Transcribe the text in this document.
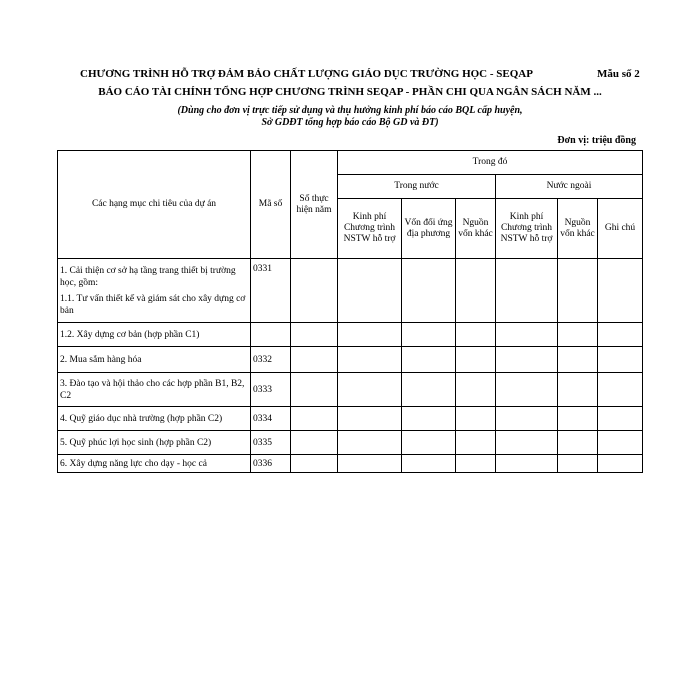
CHƯƠNG TRÌNH HỖ TRỢ ĐẢM BẢO CHẤT LƯỢNG GIÁO DỤC TRƯỜNG HỌC - SEQAP	Mẫu số 2
BÁO CÁO TÀI CHÍNH TỔNG HỢP CHƯƠNG TRÌNH SEQAP - PHẦN CHI QUA NGÂN SÁCH NĂM ...
(Dùng cho đơn vị trực tiếp sử dụng và thụ hưởng kinh phí báo cáo BQL cấp huyện,
Sở GDĐT tổng hợp báo cáo Bộ GD và ĐT)
Đơn vị: triệu đồng
Các hạng mục chi tiêu của dự án	Mã số	Số thực hiện năm	Trong đó					
			Trong nước			Nước ngoài		
			Kinh phí Chương trình NSTW hỗ trợ	Vốn đối ứng địa phương	Nguồn vốn khác	Kinh phí Chương trình NSTW hỗ trợ	Nguồn vốn khác	Ghi chú
1. Cải thiện cơ sở hạ tầng trang thiết bị trường học, gồm:
1.1. Tư vấn thiết kế và giám sát cho xây dựng cơ bản	0331							
1.2. Xây dựng cơ bản (hợp phần C1)								
2. Mua sắm hàng hóa	0332							
3. Đào tạo và hội thảo cho các hợp phần B1, B2, C2	0333							
4. Quỹ giáo dục nhà trường (hợp phần C2)	0334							
5. Quỹ phúc lợi học sinh (hợp phần C2)	0335							
6. Xây dựng năng lực cho dạy - học cả	0336							
